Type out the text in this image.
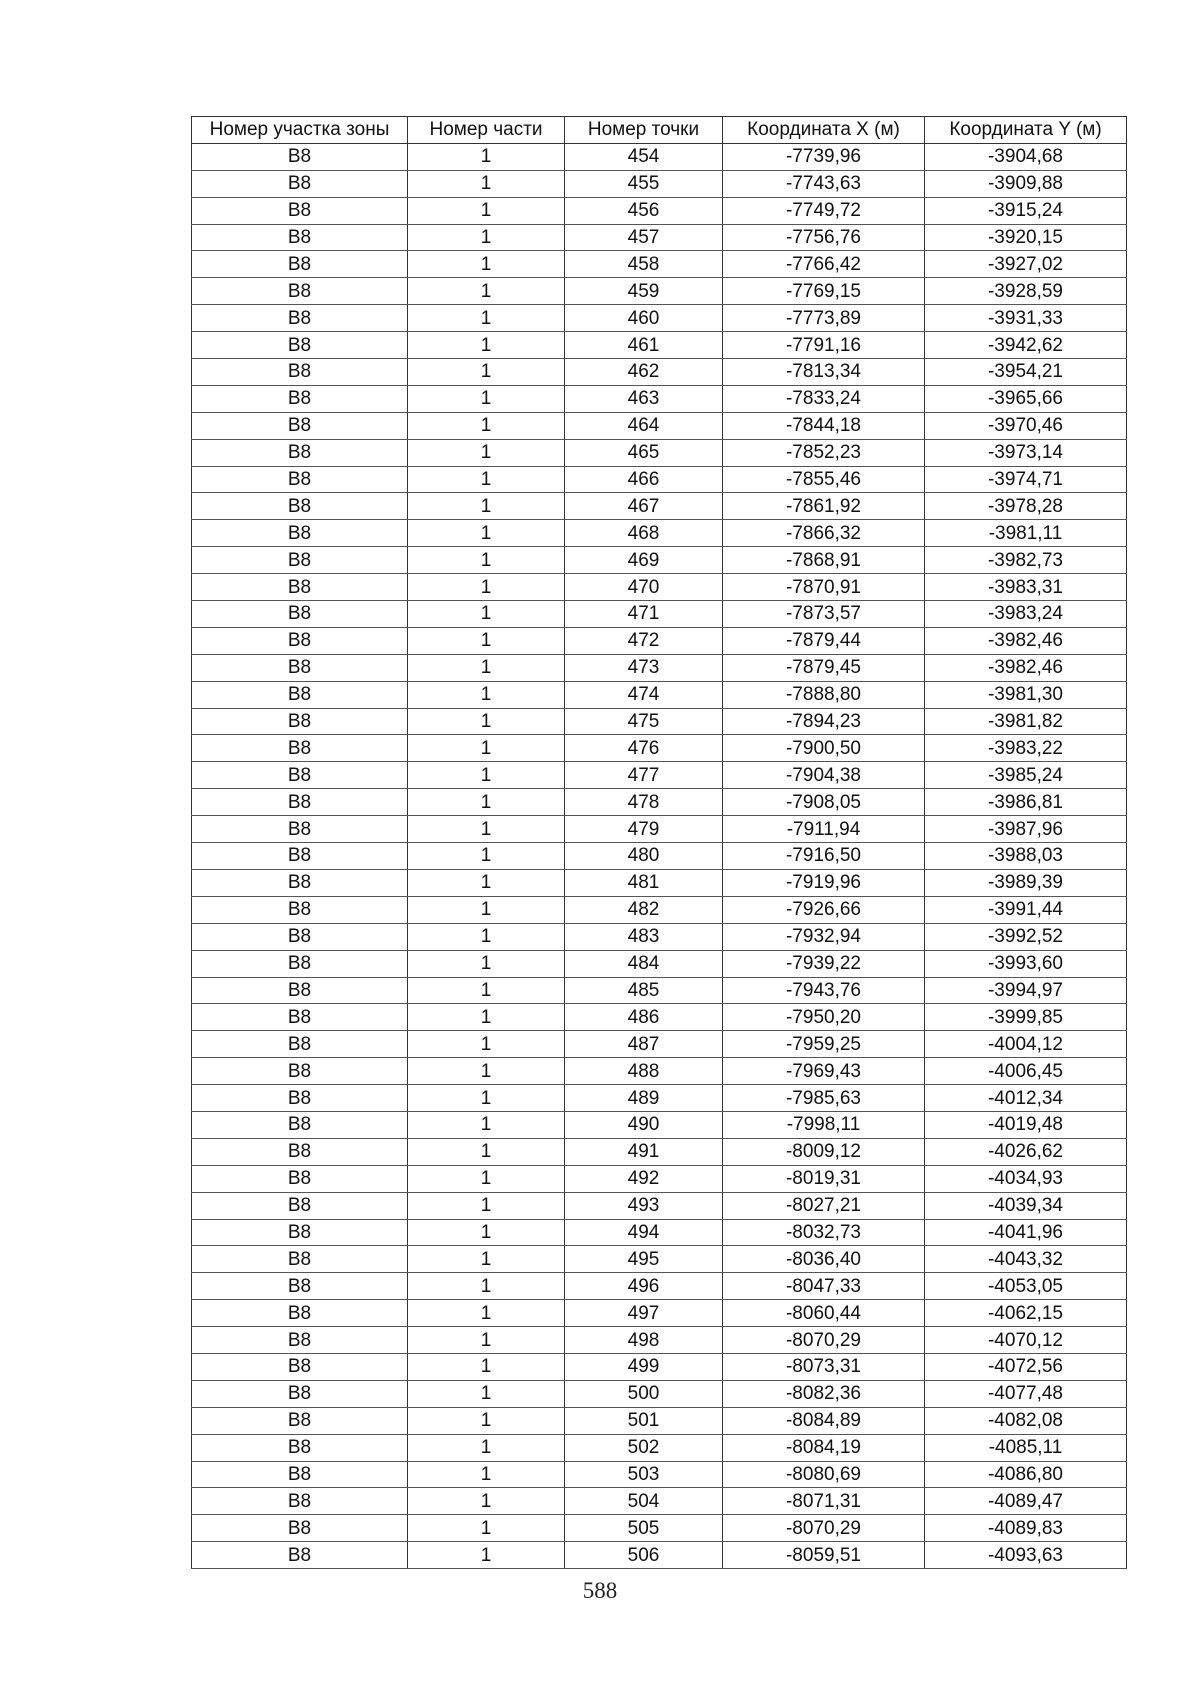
Номер участка зоны	Номер части	Номер точки	Координата X (м)	Координата Y (м)
В8	1	454	-7739,96	-3904,68
В8	1	455	-7743,63	-3909,88
В8	1	456	-7749,72	-3915,24
В8	1	457	-7756,76	-3920,15
В8	1	458	-7766,42	-3927,02
В8	1	459	-7769,15	-3928,59
В8	1	460	-7773,89	-3931,33
В8	1	461	-7791,16	-3942,62
В8	1	462	-7813,34	-3954,21
В8	1	463	-7833,24	-3965,66
В8	1	464	-7844,18	-3970,46
В8	1	465	-7852,23	-3973,14
В8	1	466	-7855,46	-3974,71
В8	1	467	-7861,92	-3978,28
В8	1	468	-7866,32	-3981,11
В8	1	469	-7868,91	-3982,73
В8	1	470	-7870,91	-3983,31
В8	1	471	-7873,57	-3983,24
В8	1	472	-7879,44	-3982,46
В8	1	473	-7879,45	-3982,46
В8	1	474	-7888,80	-3981,30
В8	1	475	-7894,23	-3981,82
В8	1	476	-7900,50	-3983,22
В8	1	477	-7904,38	-3985,24
В8	1	478	-7908,05	-3986,81
В8	1	479	-7911,94	-3987,96
В8	1	480	-7916,50	-3988,03
В8	1	481	-7919,96	-3989,39
В8	1	482	-7926,66	-3991,44
В8	1	483	-7932,94	-3992,52
В8	1	484	-7939,22	-3993,60
В8	1	485	-7943,76	-3994,97
В8	1	486	-7950,20	-3999,85
В8	1	487	-7959,25	-4004,12
В8	1	488	-7969,43	-4006,45
В8	1	489	-7985,63	-4012,34
В8	1	490	-7998,11	-4019,48
В8	1	491	-8009,12	-4026,62
В8	1	492	-8019,31	-4034,93
В8	1	493	-8027,21	-4039,34
В8	1	494	-8032,73	-4041,96
В8	1	495	-8036,40	-4043,32
В8	1	496	-8047,33	-4053,05
В8	1	497	-8060,44	-4062,15
В8	1	498	-8070,29	-4070,12
В8	1	499	-8073,31	-4072,56
В8	1	500	-8082,36	-4077,48
В8	1	501	-8084,89	-4082,08
В8	1	502	-8084,19	-4085,11
В8	1	503	-8080,69	-4086,80
В8	1	504	-8071,31	-4089,47
В8	1	505	-8070,29	-4089,83
В8	1	506	-8059,51	-4093,63
588
